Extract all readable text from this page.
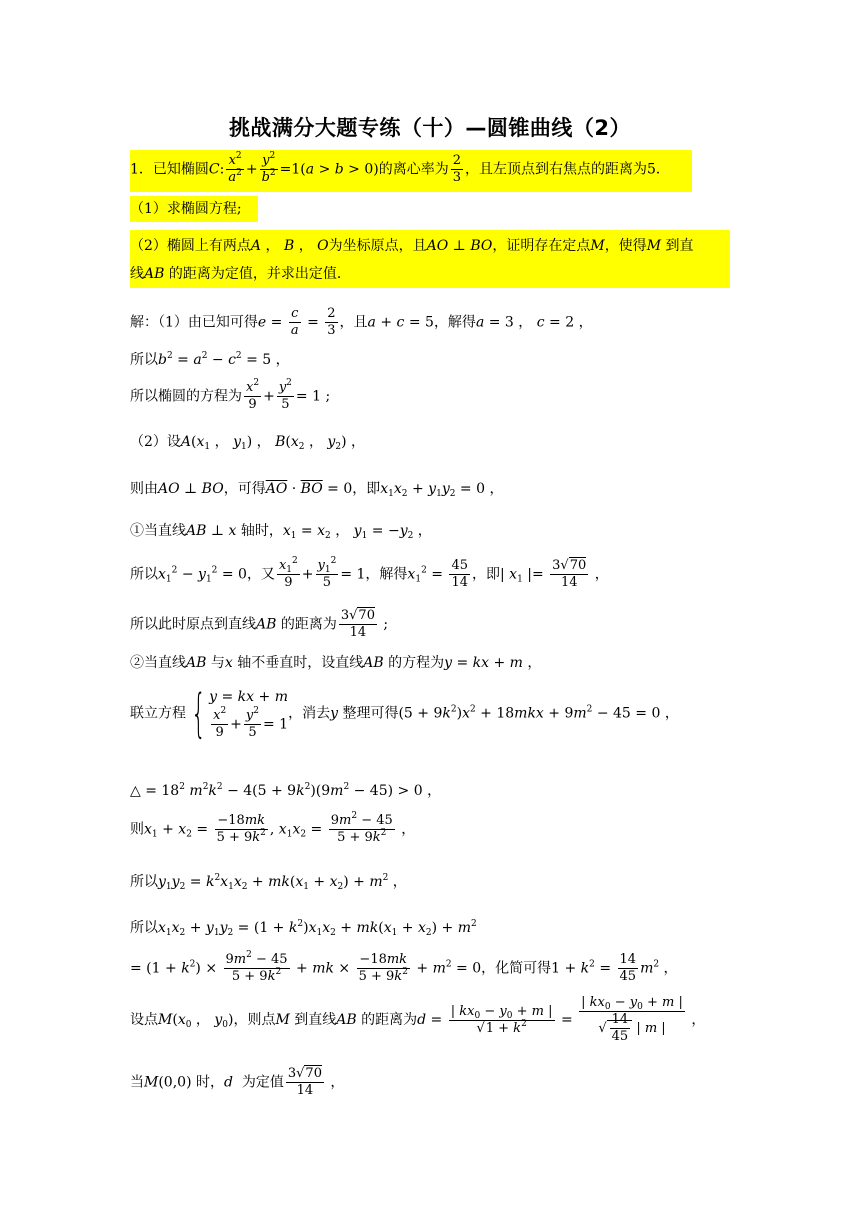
挑战满分大题专练（十）—圆锥曲线（2）
1．已知椭圆C: $\frac{x^2}{a^2} + \frac{y^2}{b^2} =1(a > b > 0)$的离心率为 $\frac{2}{3}$ ，且左顶点到右焦点的距离为5．
（1）求椭圆方程;
（2）椭圆上有两点A ， B ， O为坐标原点，且AO ⊥ BO，证明存在定点M，使得M 到直
线AB 的距离为定值，并求出定值．
解：（1）由已知可得$e = \frac{c}{a} = \frac{2}{3}$ ，且a + c = 5，解得a = 3 ， c = 2 ，
所以$b^2 = a^2 - c^2 = 5$ ，
所以椭圆的方程为 $\frac{x^2}{9} + \frac{y^2}{5} = 1$ ;
（2）设$A(x_1$ ， $y_1$) ， $B(x_2$ ， $y_2$) ，
则由AO ⊥ BO，可得$\overline{AO} \cdot \overline{BO} = 0$，即$x_1x_2 + y_1y_2 = 0$ ，
①当直线AB ⊥ x 轴时，$x_1 = x_2$ ， $y_1 = -y_2$ ，
所以$x_1^2 - y_1^2 = 0$，又 $\frac{x_1^2}{9} + \frac{y_1^2}{5} = 1$，解得$x_1^2 = \frac{45}{14}$ ，即| $x_1$ |= $\frac{3√70}{14}$ ，
所以此时原点到直线AB 的距离为 $\frac{3√70}{14}$ ;
②当直线AB 与x 轴不垂直时，设直线AB 的方程为y = kx + m ，
联立方程{ y = kx + m
$\frac{x^2}{9} + \frac{y^2}{5} = 1$
，消去y 整理可得$(5 + 9k^2)x^2 + 18mkx + 9m^2 - 45 = 0$ ，
△ = $18^2$ $m^2k^2 - 4(5 + 9k^2)(9m^2 - 45) > 0$ ，
则$x_1 + x_2 = \frac{-18mk}{5 + 9k^2}$ , $x_1x_2 = \frac{9m^2 - 45}{5 + 9k^2}$ ，
所以$y_1y_2 = k^2x_1x_2 + mk(x_1 + x_2) + m^2$ ，
所以$x_1x_2 + y_1y_2 = (1 + k^2)x_1x_2 + mk(x_1 + x_2) + m^2$
= $(1 + k^2) \times \frac{9m^2 - 45}{5 + 9k^2}$ + mk × $\frac{-18mk}{5 + 9k^2} + m^2 = 0$，化简可得$1 + k^2 = \frac{14}{45} m^2$ ，
设点$M(x_0$ ， $y_0$)，则点M 到直线AB 的距离为$d = \frac{| kx_0 - y_0 + m |}{√1 + k^2} = \frac{| kx_0 - y_0 + m |}{√ \frac{14}{45} | m |}$ ，
当M(0,0) 时，d 为定值 $\frac{3√70}{14}$ ，
